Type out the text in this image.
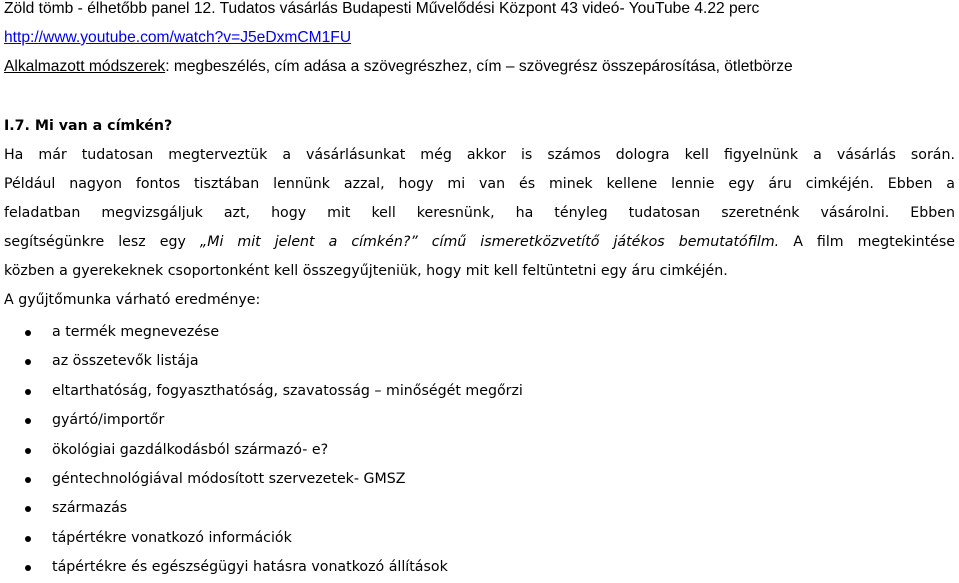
Zöld tömb - élhetőbb panel 12. Tudatos vásárlás Budapesti Művelődési Központ 43 videó- YouTube 4.22 perc
http://www.youtube.com/watch?v=J5eDxmCM1FU
Alkalmazott módszerek: megbeszélés, cím adása a szövegrészhez, cím – szövegrész összepárosítása, ötletbörze
I.7. Mi van a címkén?
Ha már tudatosan megterveztük a vásárlásunkat még akkor is számos dologra kell figyelnünk a vásárlás során.
Például nagyon fontos tisztában lennünk azzal, hogy mi van és minek kellene lennie egy áru cimkéjén. Ebben a
feladatban megvizsgáljuk azt, hogy mit kell keresnünk, ha tényleg tudatosan szeretnénk vásárolni. Ebben
segítségünkre lesz egy „Mi mit jelent a címkén?” című ismeretközvetítő játékos bemutatófilm. A film megtekintése
közben a gyerekeknek csoportonként kell összegyűjteniük, hogy mit kell feltüntetni egy áru cimkéjén.
A gyűjtőmunka várható eredménye:
a termék megnevezése
az összetevők listája
eltarthatóság, fogyaszthatóság, szavatosság – minőségét megőrzi
gyártó/importőr
ökológiai gazdálkodásból származó- e?
géntechnológiával módosított szervezetek- GMSZ
származás
tápértékre vonatkozó információk
tápértékre és egészségügyi hatásra vonatkozó állítások
